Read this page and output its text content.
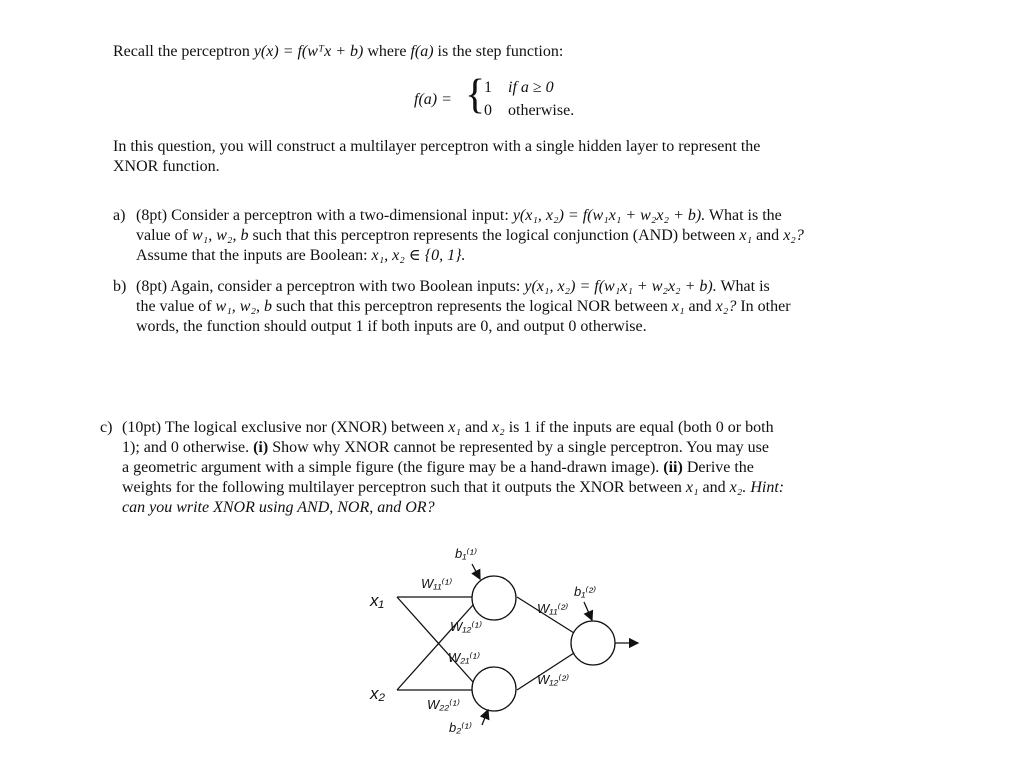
Recall the perceptron y(x) = f(wᵀx + b) where f(a) is the step function:
f(a) = {
1 if a ≥ 0
0 otherwise.
In this question, you will construct a multilayer perceptron with a single hidden layer to represent the
XNOR function.
a) (8pt) Consider a perceptron with a two-dimensional input: y(x₁, x₂) = f(w₁x₁ + w₂x₂ + b). What is the
value of w₁, w₂, b such that this perceptron represents the logical conjunction (AND) between x₁ and x₂?
Assume that the inputs are Boolean: x₁, x₂ ∈ {0, 1}.
b) (8pt) Again, consider a perceptron with two Boolean inputs: y(x₁, x₂) = f(w₁x₁ + w₂x₂ + b). What is
the value of w₁, w₂, b such that this perceptron represents the logical NOR between x₁ and x₂? In other
words, the function should output 1 if both inputs are 0, and output 0 otherwise.
c) (10pt) The logical exclusive nor (XNOR) between x₁ and x₂ is 1 if the inputs are equal (both 0 or both
1); and 0 otherwise. (i) Show why XNOR cannot be represented by a single perceptron. You may use
a geometric argument with a simple figure (the figure may be a hand-drawn image). (ii) Derive the
weights for the following multilayer perceptron such that it outputs the XNOR between x₁ and x₂. Hint:
can you write XNOR using AND, NOR, and OR?
x₁
x₂
b₁⁽¹⁾
b₂⁽¹⁾
W₁₁⁽¹⁾
W₁₂⁽¹⁾
W₂₁⁽¹⁾
W₂₂⁽¹⁾
b₁⁽²⁾
W₁₁⁽²⁾
W₁₂⁽²⁾
